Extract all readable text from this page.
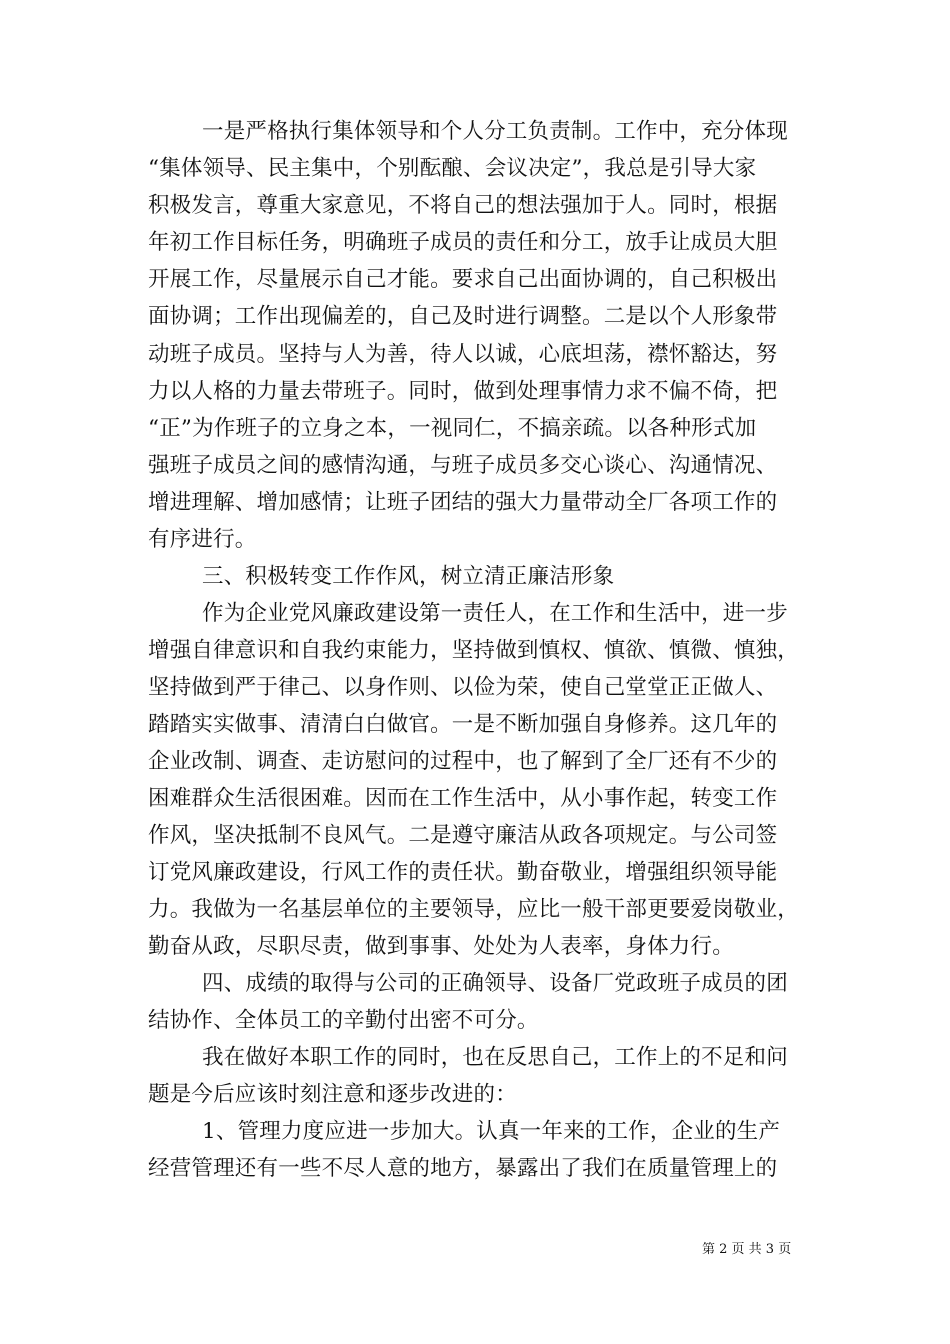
一是严格执行集体领导和个人分工负责制。工作中，充分体现
“集体领导、民主集中，个别酝酿、会议决定”，我总是引导大家
积极发言，尊重大家意见，不将自己的想法强加于人。同时，根据
年初工作目标任务，明确班子成员的责任和分工，放手让成员大胆
开展工作，尽量展示自己才能。要求自己出面协调的，自己积极出
面协调；工作出现偏差的，自己及时进行调整。二是以个人形象带
动班子成员。坚持与人为善，待人以诚，心底坦荡，襟怀豁达，努
力以人格的力量去带班子。同时，做到处理事情力求不偏不倚，把
“正”为作班子的立身之本，一视同仁，不搞亲疏。以各种形式加
强班子成员之间的感情沟通，与班子成员多交心谈心、沟通情况、
增进理解、增加感情；让班子团结的强大力量带动全厂各项工作的
有序进行。
三、积极转变工作作风，树立清正廉洁形象
作为企业党风廉政建设第一责任人，在工作和生活中，进一步
增强自律意识和自我约束能力，坚持做到慎权、慎欲、慎微、慎独，
坚持做到严于律己、以身作则、以俭为荣，使自己堂堂正正做人、
踏踏实实做事、清清白白做官。一是不断加强自身修养。这几年的
企业改制、调查、走访慰问的过程中，也了解到了全厂还有不少的
困难群众生活很困难。因而在工作生活中，从小事作起，转变工作
作风，坚决抵制不良风气。二是遵守廉洁从政各项规定。与公司签
订党风廉政建设，行风工作的责任状。勤奋敬业，增强组织领导能
力。我做为一名基层单位的主要领导，应比一般干部更要爱岗敬业，
勤奋从政，尽职尽责，做到事事、处处为人表率，身体力行。
四、成绩的取得与公司的正确领导、设备厂党政班子成员的团
结协作、全体员工的辛勤付出密不可分。
我在做好本职工作的同时，也在反思自己，工作上的不足和问
题是今后应该时刻注意和逐步改进的：
1、管理力度应进一步加大。认真一年来的工作，企业的生产
经营管理还有一些不尽人意的地方，暴露出了我们在质量管理上的
第 2 页 共 3 页
